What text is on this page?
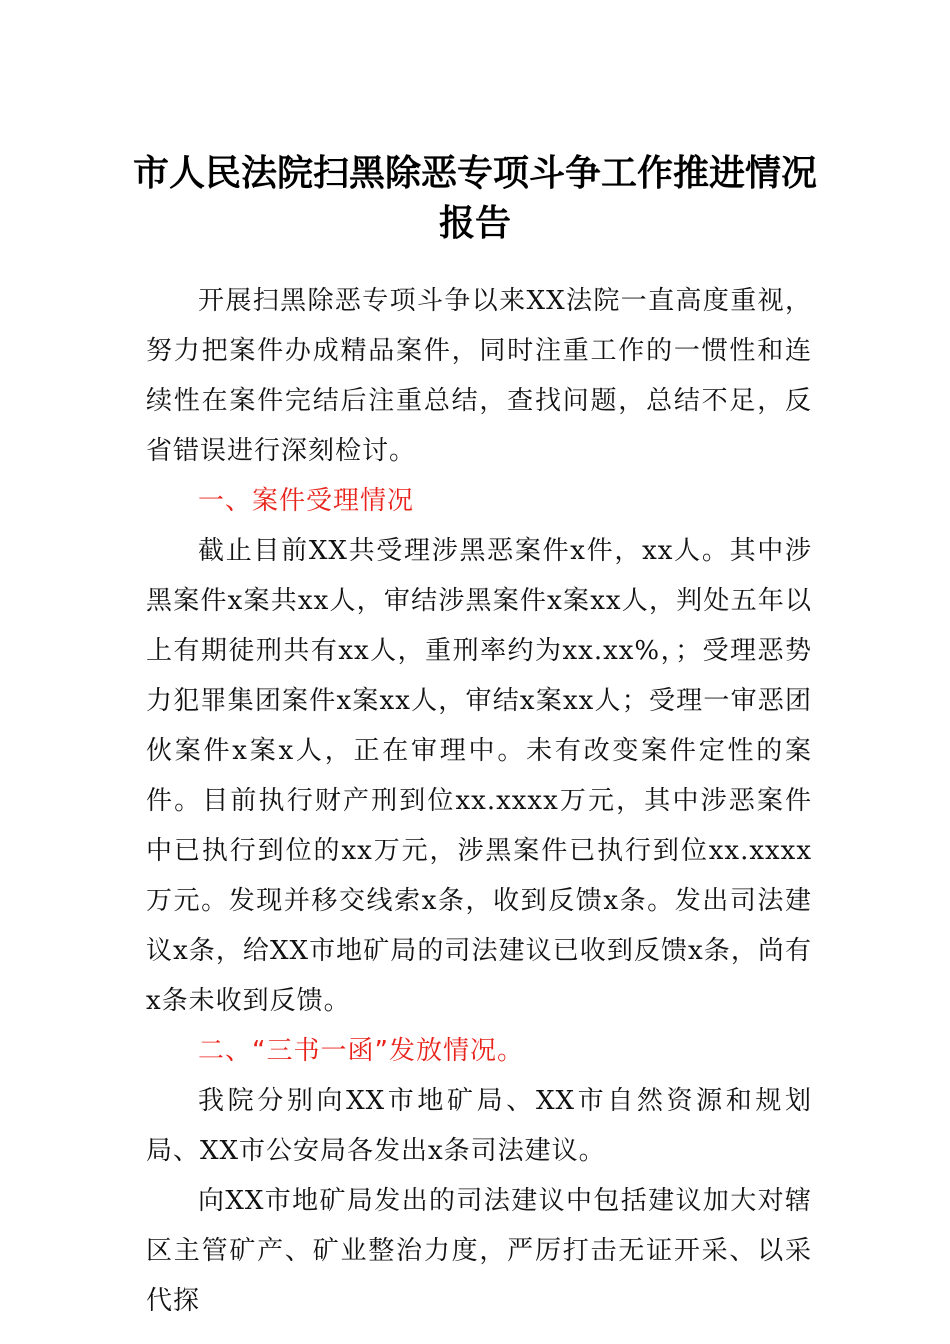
市人民法院扫黑除恶专项斗争工作推进情况报告

开展扫黑除恶专项斗争以来XX法院一直高度重视，努力把案件办成精品案件，同时注重工作的一惯性和连续性在案件完结后注重总结，查找问题，总结不足，反省错误进行深刻检讨。

一、案件受理情况

截止目前XX共受理涉黑恶案件x件，xx人。其中涉黑案件x案共xx人，审结涉黑案件x案xx人，判处五年以上有期徒刑共有xx人，重刑率约为xx.xx%，；受理恶势力犯罪集团案件x案xx人，审结x案xx人；受理一审恶团伙案件x案x人，正在审理中。未有改变案件定性的案件。目前执行财产刑到位xx.xxxx万元，其中涉恶案件中已执行到位的xx万元，涉黑案件已执行到位xx.xxxx万元。发现并移交线索x条，收到反馈x条。发出司法建议x条，给XX市地矿局的司法建议已收到反馈x条，尚有x条未收到反馈。

二、“三书一函”发放情况。

我院分别向XX市地矿局、XX市自然资源和规划局、XX市公安局各发出x条司法建议。

向XX市地矿局发出的司法建议中包括建议加大对辖区主管矿产、矿业整治力度，严厉打击无证开采、以采代探
